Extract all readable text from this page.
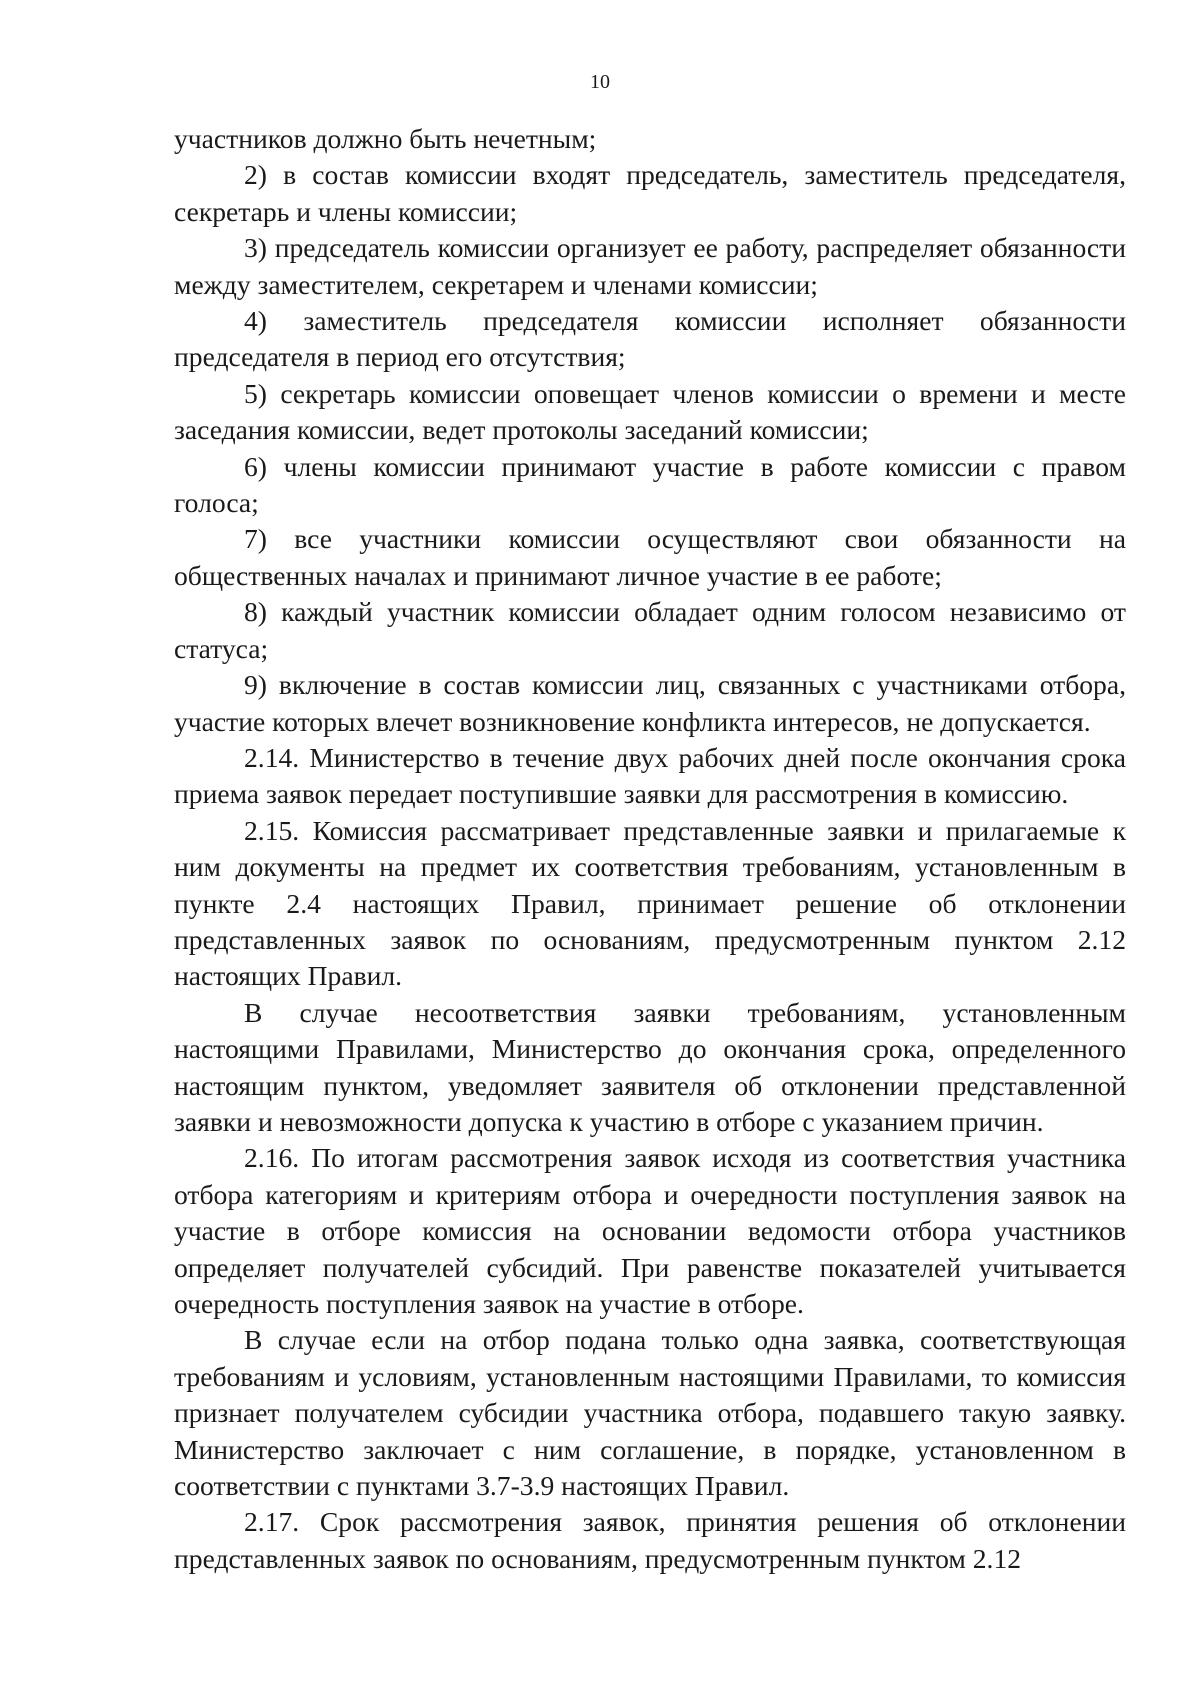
10

участников должно быть нечетным;

2) в состав комиссии входят председатель, заместитель председателя, секретарь и члены комиссии;

3) председатель комиссии организует ее работу, распределяет обязанности между заместителем, секретарем и членами комиссии;

4) заместитель председателя комиссии исполняет обязанности председателя в период его отсутствия;

5) секретарь комиссии оповещает членов комиссии о времени и месте заседания комиссии, ведет протоколы заседаний комиссии;

6) члены комиссии принимают участие в работе комиссии с правом голоса;

7) все участники комиссии осуществляют свои обязанности на общественных началах и принимают личное участие в ее работе;

8) каждый участник комиссии обладает одним голосом независимо от статуса;

9) включение в состав комиссии лиц, связанных с участниками отбора, участие которых влечет возникновение конфликта интересов, не допускается.

2.14. Министерство в течение двух рабочих дней после окончания срока приема заявок передает поступившие заявки для рассмотрения в комиссию.

2.15. Комиссия рассматривает представленные заявки и прилагаемые к ним документы на предмет их соответствия требованиям, установленным в пункте 2.4 настоящих Правил, принимает решение об отклонении представленных заявок по основаниям, предусмотренным пунктом 2.12 настоящих Правил.

В случае несоответствия заявки требованиям, установленным настоящими Правилами, Министерство до окончания срока, определенного настоящим пунктом, уведомляет заявителя об отклонении представленной заявки и невозможности допуска к участию в отборе с указанием причин.

2.16. По итогам рассмотрения заявок исходя из соответствия участника отбора категориям и критериям отбора и очередности поступления заявок на участие в отборе комиссия на основании ведомости отбора участников определяет получателей субсидий. При равенстве показателей учитывается очередность поступления заявок на участие в отборе.

В случае если на отбор подана только одна заявка, соответствующая требованиям и условиям, установленным настоящими Правилами, то комиссия признает получателем субсидии участника отбора, подавшего такую заявку. Министерство заключает с ним соглашение, в порядке, установленном в соответствии с пунктами 3.7-3.9 настоящих Правил.

2.17. Срок рассмотрения заявок, принятия решения об отклонении представленных заявок по основаниям, предусмотренным пунктом 2.12
